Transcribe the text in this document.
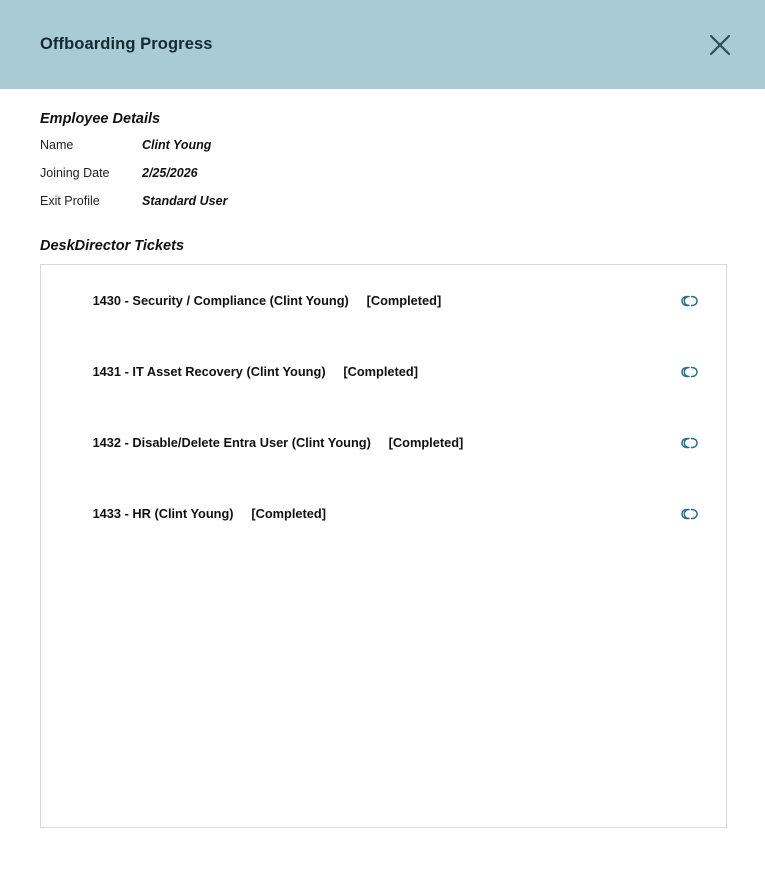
Offboarding Progress
Employee Details
Name	Clint Young
Joining Date	2/25/2026
Exit Profile	Standard User
DeskDirector Tickets

1430 - Security / Compliance (Clint Young) [Completed]

1431 - IT Asset Recovery (Clint Young) [Completed]

1432 - Disable/Delete Entra User (Clint Young) [Completed]

1433 - HR (Clint Young) [Completed]
